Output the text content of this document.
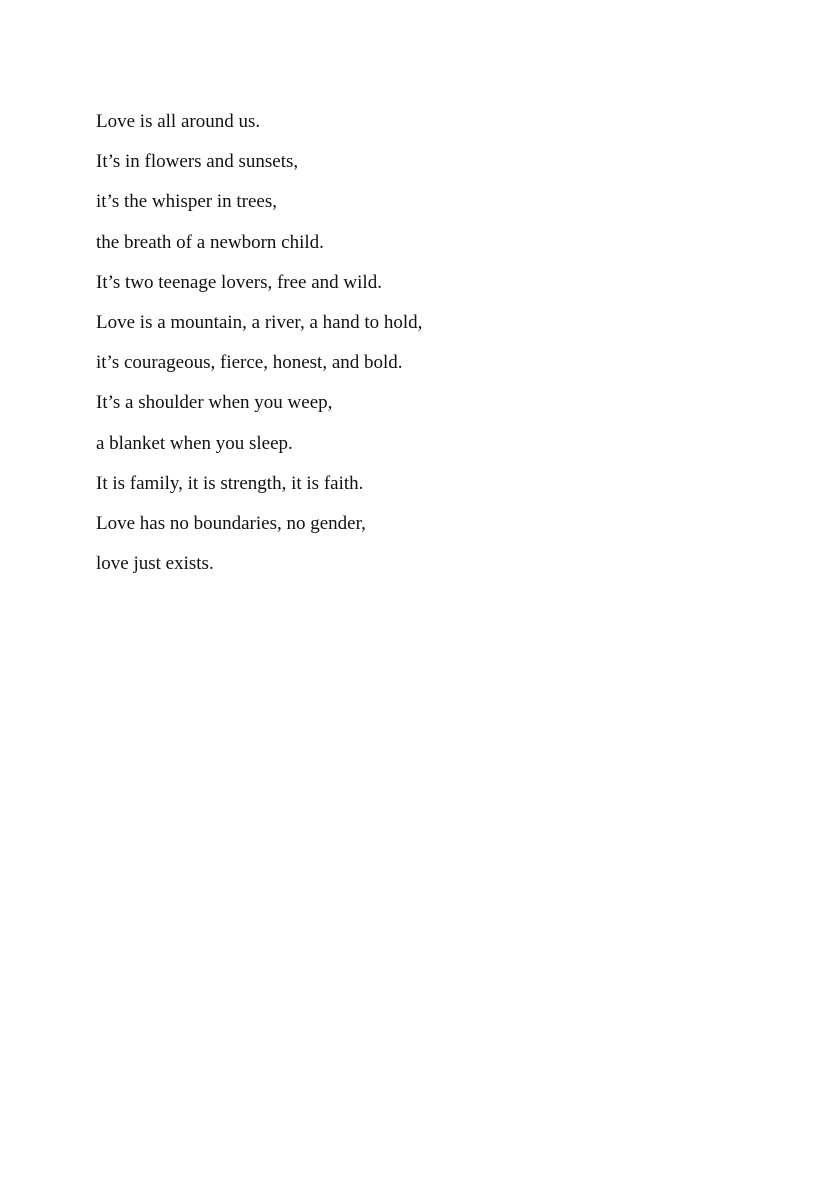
Love is all around us.
It’s in flowers and sunsets,
it’s the whisper in trees,
the breath of a newborn child.
It’s two teenage lovers, free and wild.
Love is a mountain, a river, a hand to hold,
it’s courageous, fierce, honest, and bold.
It’s a shoulder when you weep,
a blanket when you sleep.
It is family, it is strength, it is faith.
Love has no boundaries, no gender,
love just exists.
